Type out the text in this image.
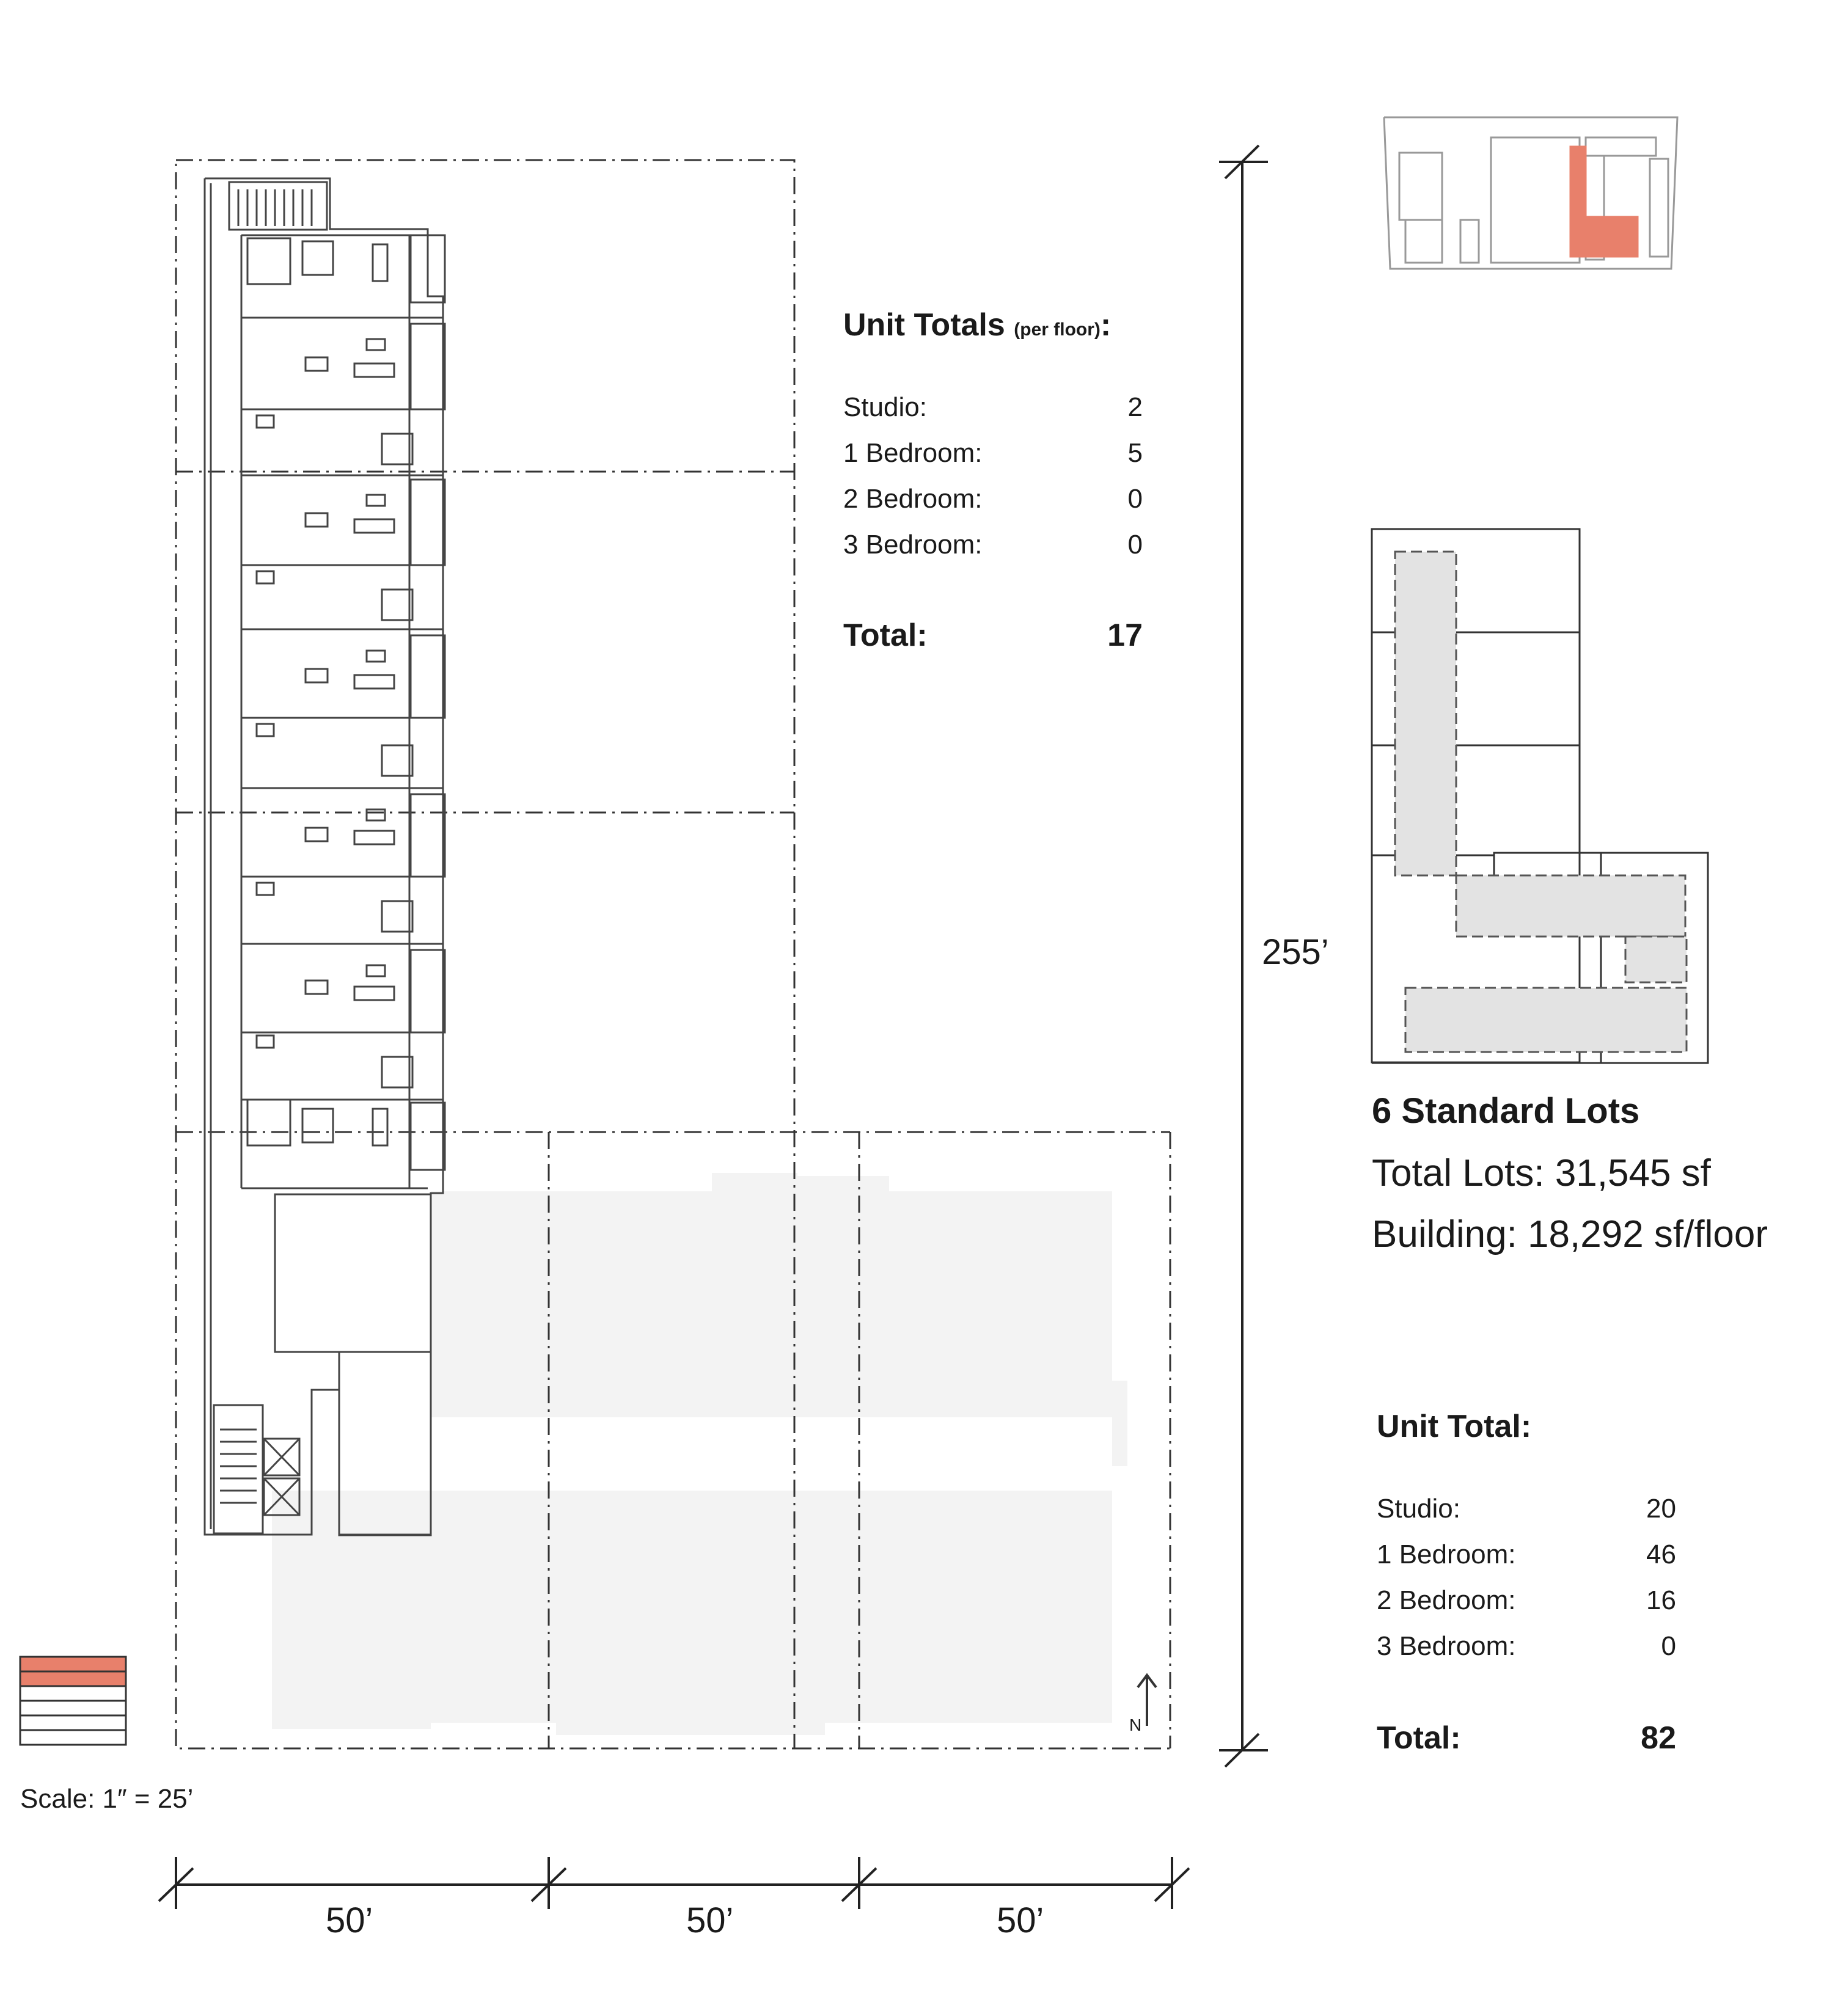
Unit Totals (per floor):
Studio:	2
1 Bedroom:	5
2 Bedroom:	0
3 Bedroom:	0
Total:	17
6 Standard Lots
Total Lots: 31,545 sf
Building: 18,292 sf/floor
Unit Total:
Studio:	20
1 Bedroom:	46
2 Bedroom:	16
3 Bedroom:	0
Total:	82
255’
50’	50’	50’
N
Scale: 1″ = 25’
